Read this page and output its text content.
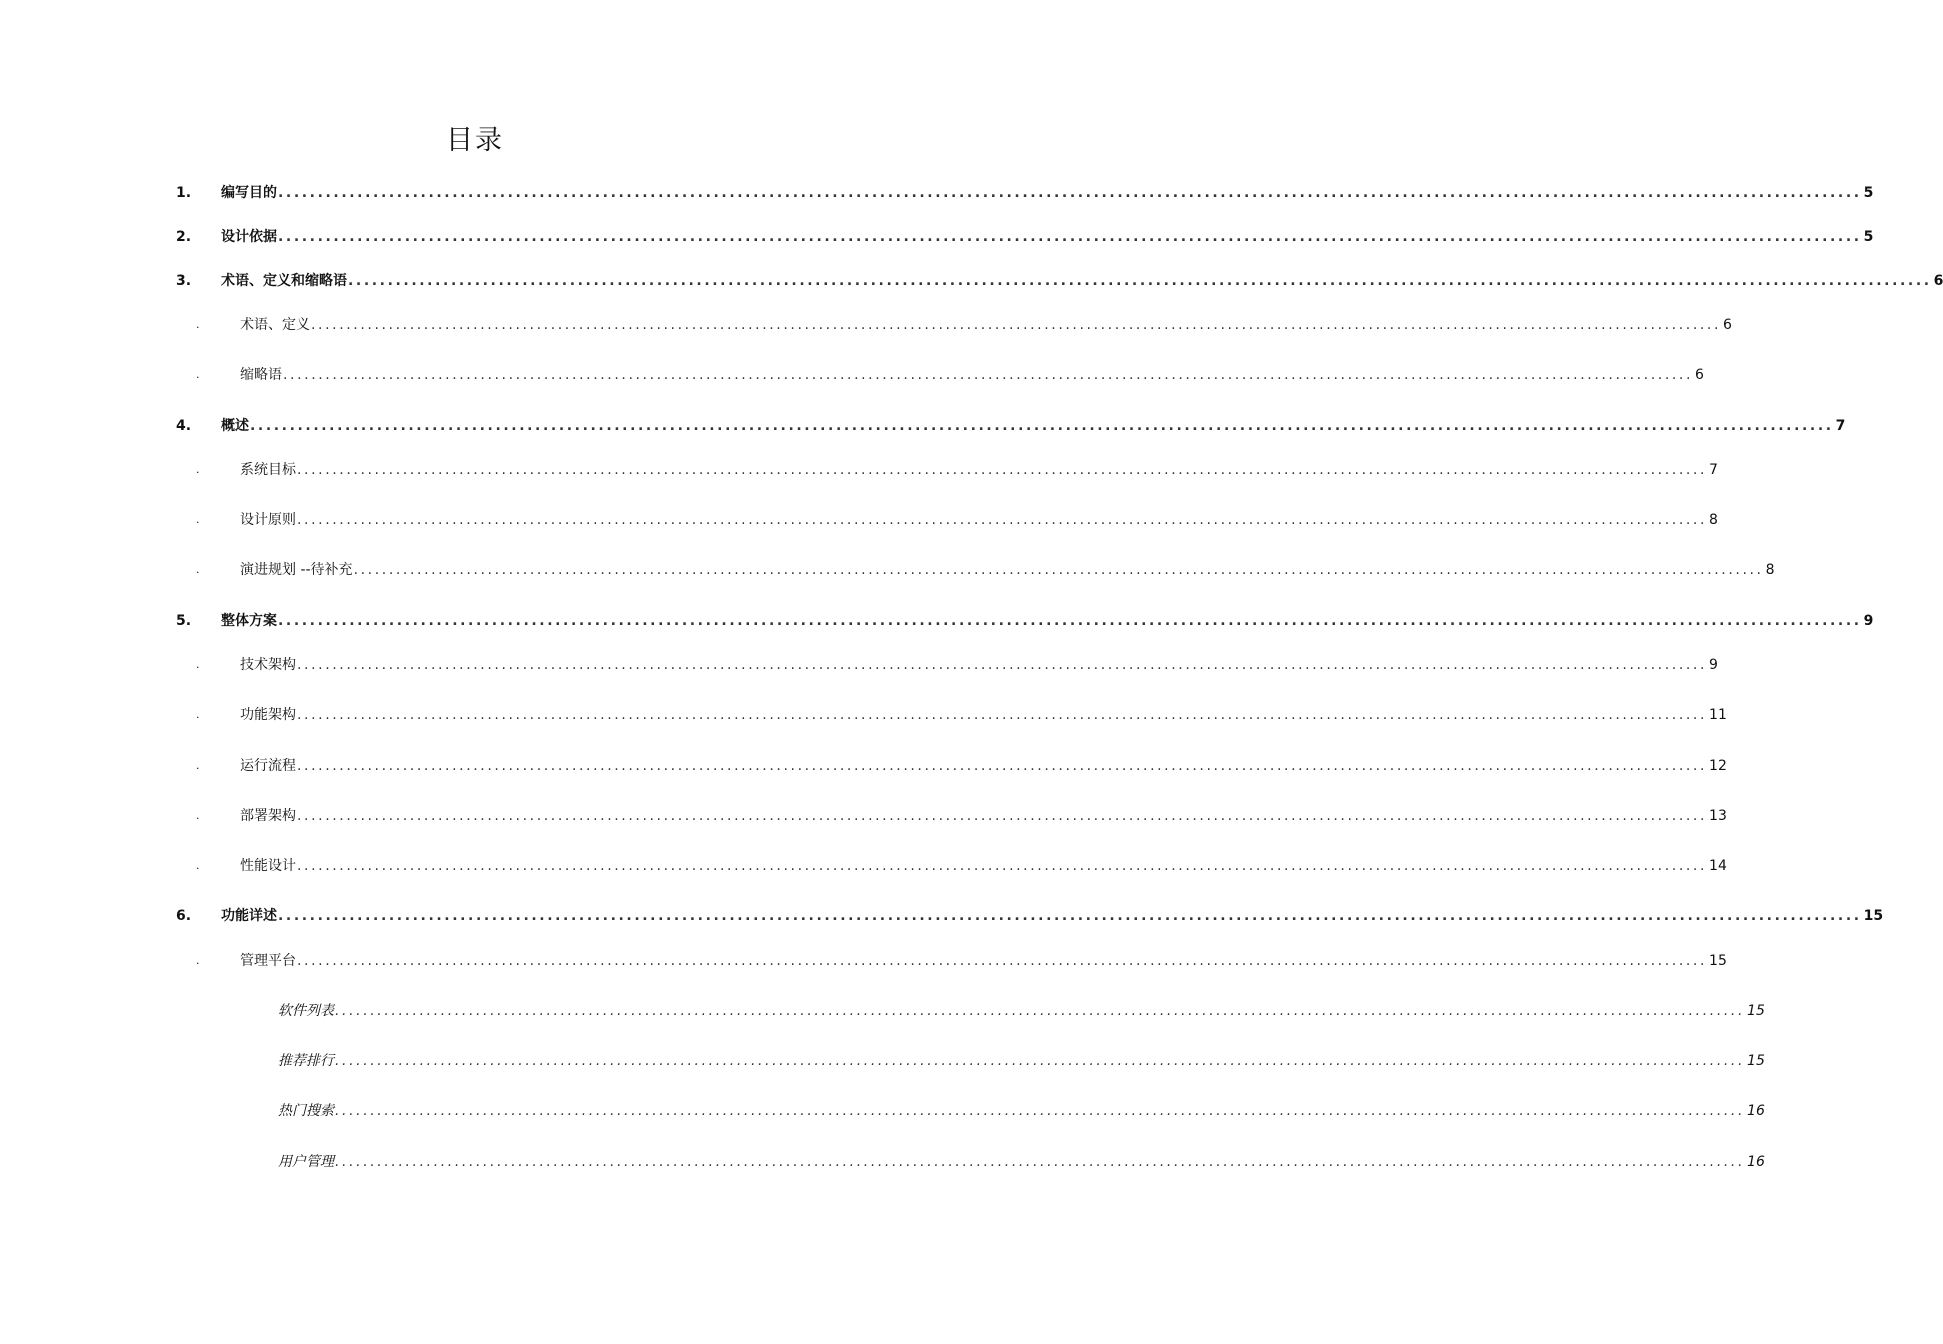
目录
1. 编写目的 ........................................................................................................................................................................................................ 5
2. 设计依据 ........................................................................................................................................................................................................ 5
3. 术语、定义和缩略语 ........................................................................................................................................................................................................ 6
.	术语、定义 ........................................................................................................................................................................................................ 6
.	缩略语 ........................................................................................................................................................................................................ 6
4. 概述 ........................................................................................................................................................................................................ 7
.	系统目标 ........................................................................................................................................................................................................ 7
.	设计原则 ........................................................................................................................................................................................................ 8
.	演进规划 --待补充 ........................................................................................................................................................................................................ 8
5. 整体方案 ........................................................................................................................................................................................................ 9
.	技术架构 ........................................................................................................................................................................................................ 9
.	功能架构 ........................................................................................................................................................................................................ 11
.	运行流程 ........................................................................................................................................................................................................ 12
.	部署架构 ........................................................................................................................................................................................................ 13
.	性能设计 ........................................................................................................................................................................................................ 14
6. 功能详述 ........................................................................................................................................................................................................ 15
.	管理平台 ........................................................................................................................................................................................................ 15
软件列表 ........................................................................................................................................................................................................ 15
推荐排行 ........................................................................................................................................................................................................ 15
热门搜索 ........................................................................................................................................................................................................ 16
用户管理 ........................................................................................................................................................................................................ 16
